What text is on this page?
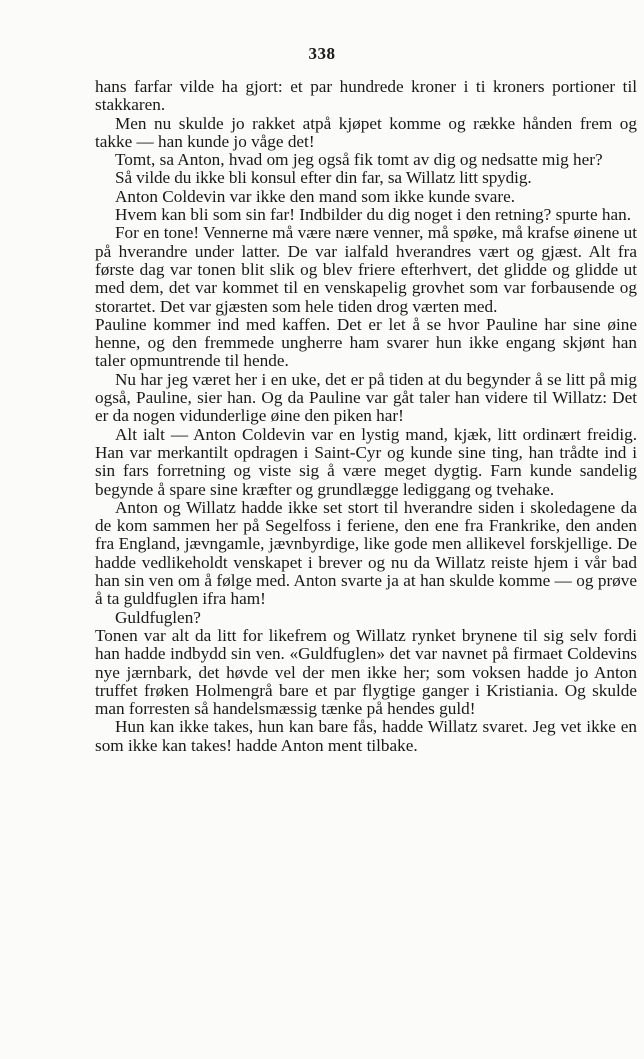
338

hans farfar vilde ha gjort: et par hundrede kroner i ti kroners portioner til stakkaren.

Men nu skulde jo rakket atpå kjøpet komme og række hånden frem og takke — han kunde jo våge det!

Tomt, sa Anton, hvad om jeg også fik tomt av dig og nedsatte mig her?

Så vilde du ikke bli konsul efter din far, sa Willatz litt spydig.

Anton Coldevin var ikke den mand som ikke kunde svare.

Hvem kan bli som sin far! Indbilder du dig noget i den retning? spurte han.

For en tone! Vennerne må være nære venner, må spøke, må krafse øinene ut på hverandre under latter. De var ialfald hverandres vært og gjæst. Alt fra første dag var tonen blit slik og blev friere efterhvert, det glidde og glidde ut med dem, det var kommet til en venskapelig grovhet som var forbausende og storartet. Det var gjæsten som hele tiden drog værten med.

Pauline kommer ind med kaffen. Det er let å se hvor Pauline har sine øine henne, og den fremmede ungherre ham svarer hun ikke engang skjønt han taler opmuntrende til hende.

Nu har jeg været her i en uke, det er på tiden at du begynder å se litt på mig også, Pauline, sier han. Og da Pauline var gåt taler han videre til Willatz: Det er da nogen vidunderlige øine den piken har!

Alt ialt — Anton Coldevin var en lystig mand, kjæk, litt ordinært freidig. Han var merkantilt opdragen i Saint-Cyr og kunde sine ting, han trådte ind i sin fars forretning og viste sig å være meget dygtig. Farn kunde sandelig begynde å spare sine kræfter og grundlægge lediggang og tvehake.

Anton og Willatz hadde ikke set stort til hverandre siden i skoledagene da de kom sammen her på Segelfoss i feriene, den ene fra Frankrike, den anden fra England, jævngamle, jævnbyrdige, like gode men allikevel forskjellige. De hadde vedlikeholdt venskapet i brever og nu da Willatz reiste hjem i vår bad han sin ven om å følge med. Anton svarte ja at han skulde komme — og prøve å ta guldfuglen ifra ham!

Guldfuglen?

Tonen var alt da litt for likefrem og Willatz rynket brynene til sig selv fordi han hadde indbydd sin ven. «Guldfuglen» det var navnet på firmaet Coldevins nye jærnbark, det høvde vel der men ikke her; som voksen hadde jo Anton truffet frøken Holmengrå bare et par flygtige ganger i Kristiania. Og skulde man forresten så handelsmæssig tænke på hendes guld!

Hun kan ikke takes, hun kan bare fås, hadde Willatz svaret. Jeg vet ikke en som ikke kan takes! hadde Anton ment tilbake.
